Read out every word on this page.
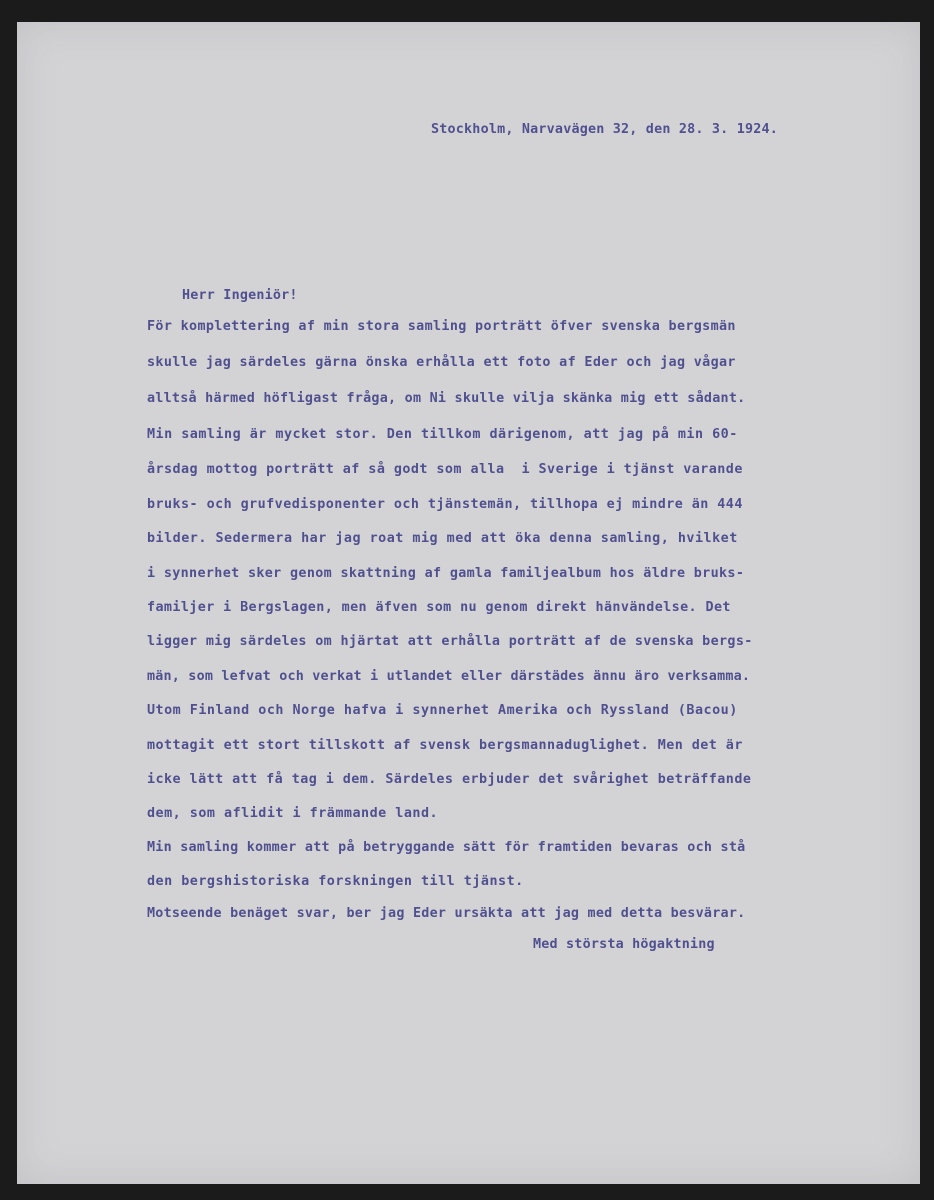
Stockholm, Narvavägen 32, den 28. 3. 1924.
Herr Ingeniör!
För komplettering af min stora samling porträtt öfver svenska bergsmän
skulle jag särdeles gärna önska erhålla ett foto af Eder och jag vågar
alltså härmed höfligast fråga, om Ni skulle vilja skänka mig ett sådant.
Min samling är mycket stor. Den tillkom därigenom, att jag på min 60-
årsdag mottog porträtt af så godt som alla  i Sverige i tjänst varande
bruks- och grufvedisponenter och tjänstemän, tillhopa ej mindre än 444
bilder. Sedermera har jag roat mig med att öka denna samling, hvilket
i synnerhet sker genom skattning af gamla familjealbum hos äldre bruks-
familjer i Bergslagen, men äfven som nu genom direkt hänvändelse. Det
ligger mig särdeles om hjärtat att erhålla porträtt af de svenska bergs-
män, som lefvat och verkat i utlandet eller därstädes ännu äro verksamma.
Utom Finland och Norge hafva i synnerhet Amerika och Ryssland (Bacou)
mottagit ett stort tillskott af svensk bergsmannaduglighet. Men det är
icke lätt att få tag i dem. Särdeles erbjuder det svårighet beträffande
dem, som aflidit i främmande land.
Min samling kommer att på betryggande sätt för framtiden bevaras och stå
den bergshistoriska forskningen till tjänst.
Motseende benäget svar, ber jag Eder ursäkta att jag med detta besvärar.
Med största högaktning
